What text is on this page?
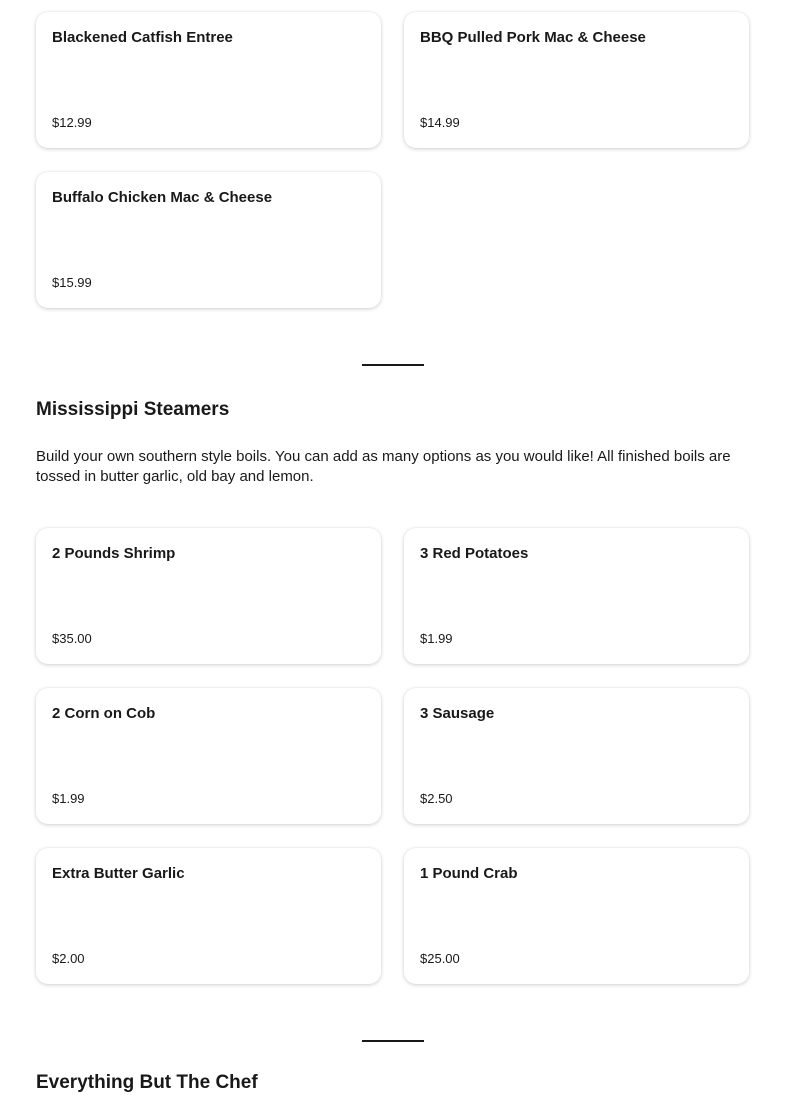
Blackened Catfish Entree
$12.99
BBQ Pulled Pork Mac & Cheese
$14.99
Buffalo Chicken Mac & Cheese
$15.99
Mississippi Steamers

Build your own southern style boils. You can add as many options as you would like! All finished boils are tossed in butter garlic, old bay and lemon.

2 Pounds Shrimp
$35.00
3 Red Potatoes
$1.99
2 Corn on Cob
$1.99
3 Sausage
$2.50
Extra Butter Garlic
$2.00
1 Pound Crab
$25.00
Everything But The Chef
